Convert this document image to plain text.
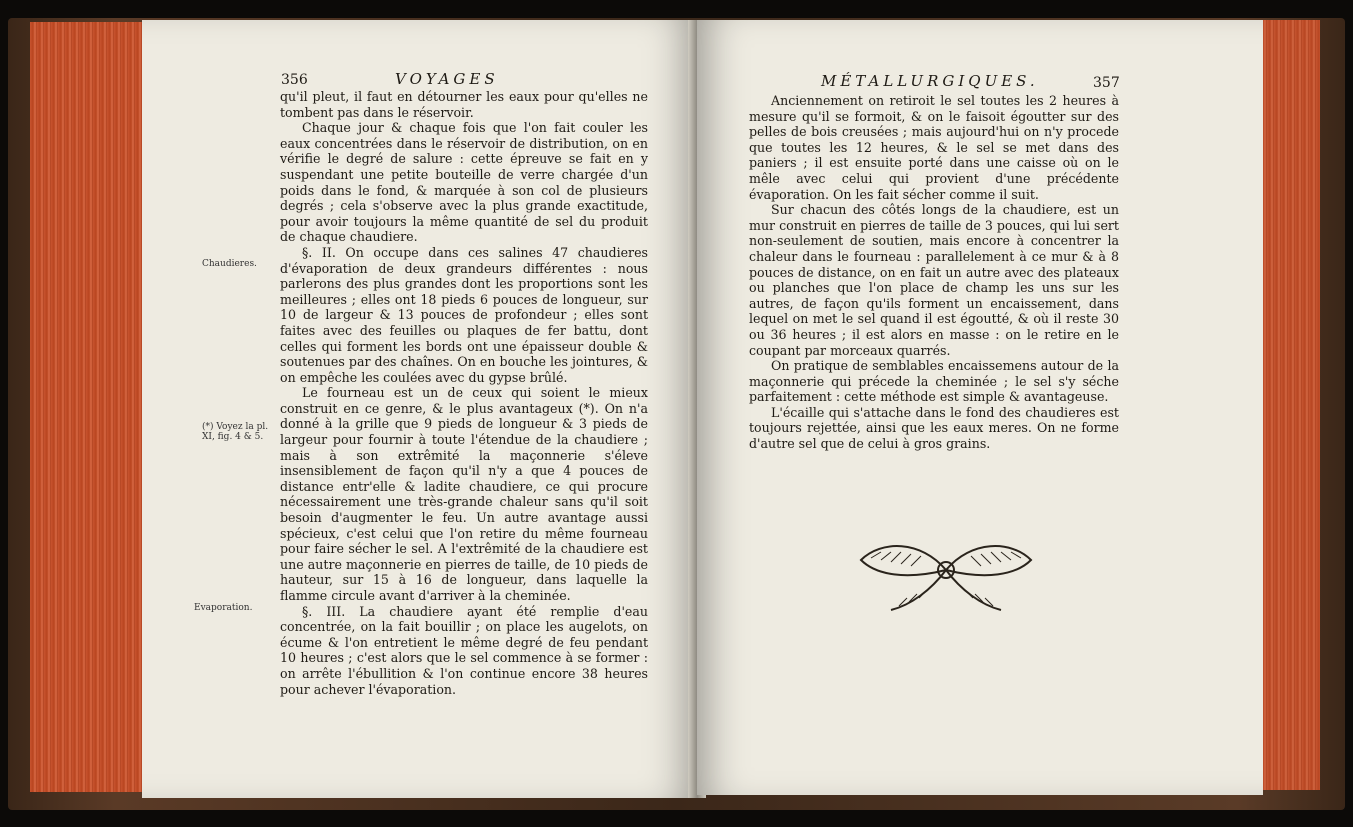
356	VOYAGES
Chaudieres.
(*) Voyez la pl. XI, fig. 4 & 5.
Evaporation.

qu'il pleut, il faut en détourner les eaux pour qu'elles ne tombent pas dans le réservoir.

Chaque jour & chaque fois que l'on fait couler les eaux concentrées dans le réservoir de distribution, on en vérifie le degré de salure : cette épreuve se fait en y suspendant une petite bouteille de verre chargée d'un poids dans le fond, & marquée à son col de plusieurs degrés ; cela s'observe avec la plus grande exactitude, pour avoir toujours la même quantité de sel du produit de chaque chaudiere.

§. II. On occupe dans ces salines 47 chaudieres d'évaporation de deux grandeurs différentes : nous parlerons des plus grandes dont les proportions sont les meilleures ; elles ont 18 pieds 6 pouces de longueur, sur 10 de largeur & 13 pouces de profondeur ; elles sont faites avec des feuilles ou plaques de fer battu, dont celles qui forment les bords ont une épaisseur double & soutenues par des chaînes. On en bouche les jointures, & on empêche les coulées avec du gypse brûlé.

Le fourneau est un de ceux qui soient le mieux construit en ce genre, & le plus avantageux (*). On n'a donné à la grille que 9 pieds de longueur & 3 pieds de largeur pour fournir à toute l'étendue de la chaudiere ; mais à son extrêmité la maçonnerie s'éleve insensiblement de façon qu'il n'y a que 4 pouces de distance entr'elle & ladite chaudiere, ce qui procure nécessairement une très-grande chaleur sans qu'il soit besoin d'augmenter le feu. Un autre avantage aussi spécieux, c'est celui que l'on retire du même fourneau pour faire sécher le sel. A l'extrêmité de la chaudiere est une autre maçonnerie en pierres de taille, de 10 pieds de hauteur, sur 15 à 16 de longueur, dans laquelle la flamme circule avant d'arriver à la cheminée.

§. III. La chaudiere ayant été remplie d'eau concentrée, on la fait bouillir ; on place les augelots, on écume & l'on entretient le même degré de feu pendant 10 heures ; c'est alors que le sel commence à se former : on arrête l'ébullition & l'on continue encore 38 heures pour achever l'évaporation.

MÉTALLURGIQUES.	357

Anciennement on retiroit le sel toutes les 2 heures à mesure qu'il se formoit, & on le faisoit égoutter sur des pelles de bois creusées ; mais aujourd'hui on n'y procede que toutes les 12 heures, & le sel se met dans des paniers ; il est ensuite porté dans une caisse où on le mêle avec celui qui provient d'une précédente évaporation. On les fait sécher comme il suit.

Sur chacun des côtés longs de la chaudiere, est un mur construit en pierres de taille de 3 pouces, qui lui sert non-seulement de soutien, mais encore à concentrer la chaleur dans le fourneau : parallelement à ce mur & à 8 pouces de distance, on en fait un autre avec des plateaux ou planches que l'on place de champ les uns sur les autres, de façon qu'ils forment un encaissement, dans lequel on met le sel quand il est égoutté, & où il reste 30 ou 36 heures ; il est alors en masse : on le retire en le coupant par morceaux quarrés.

On pratique de semblables encaissemens autour de la maçonnerie qui précede la cheminée ; le sel s'y séche parfaitement : cette méthode est simple & avantageuse.

L'écaille qui s'attache dans le fond des chaudieres est toujours rejettée, ainsi que les eaux meres. On ne forme d'autre sel que de celui à gros grains.
